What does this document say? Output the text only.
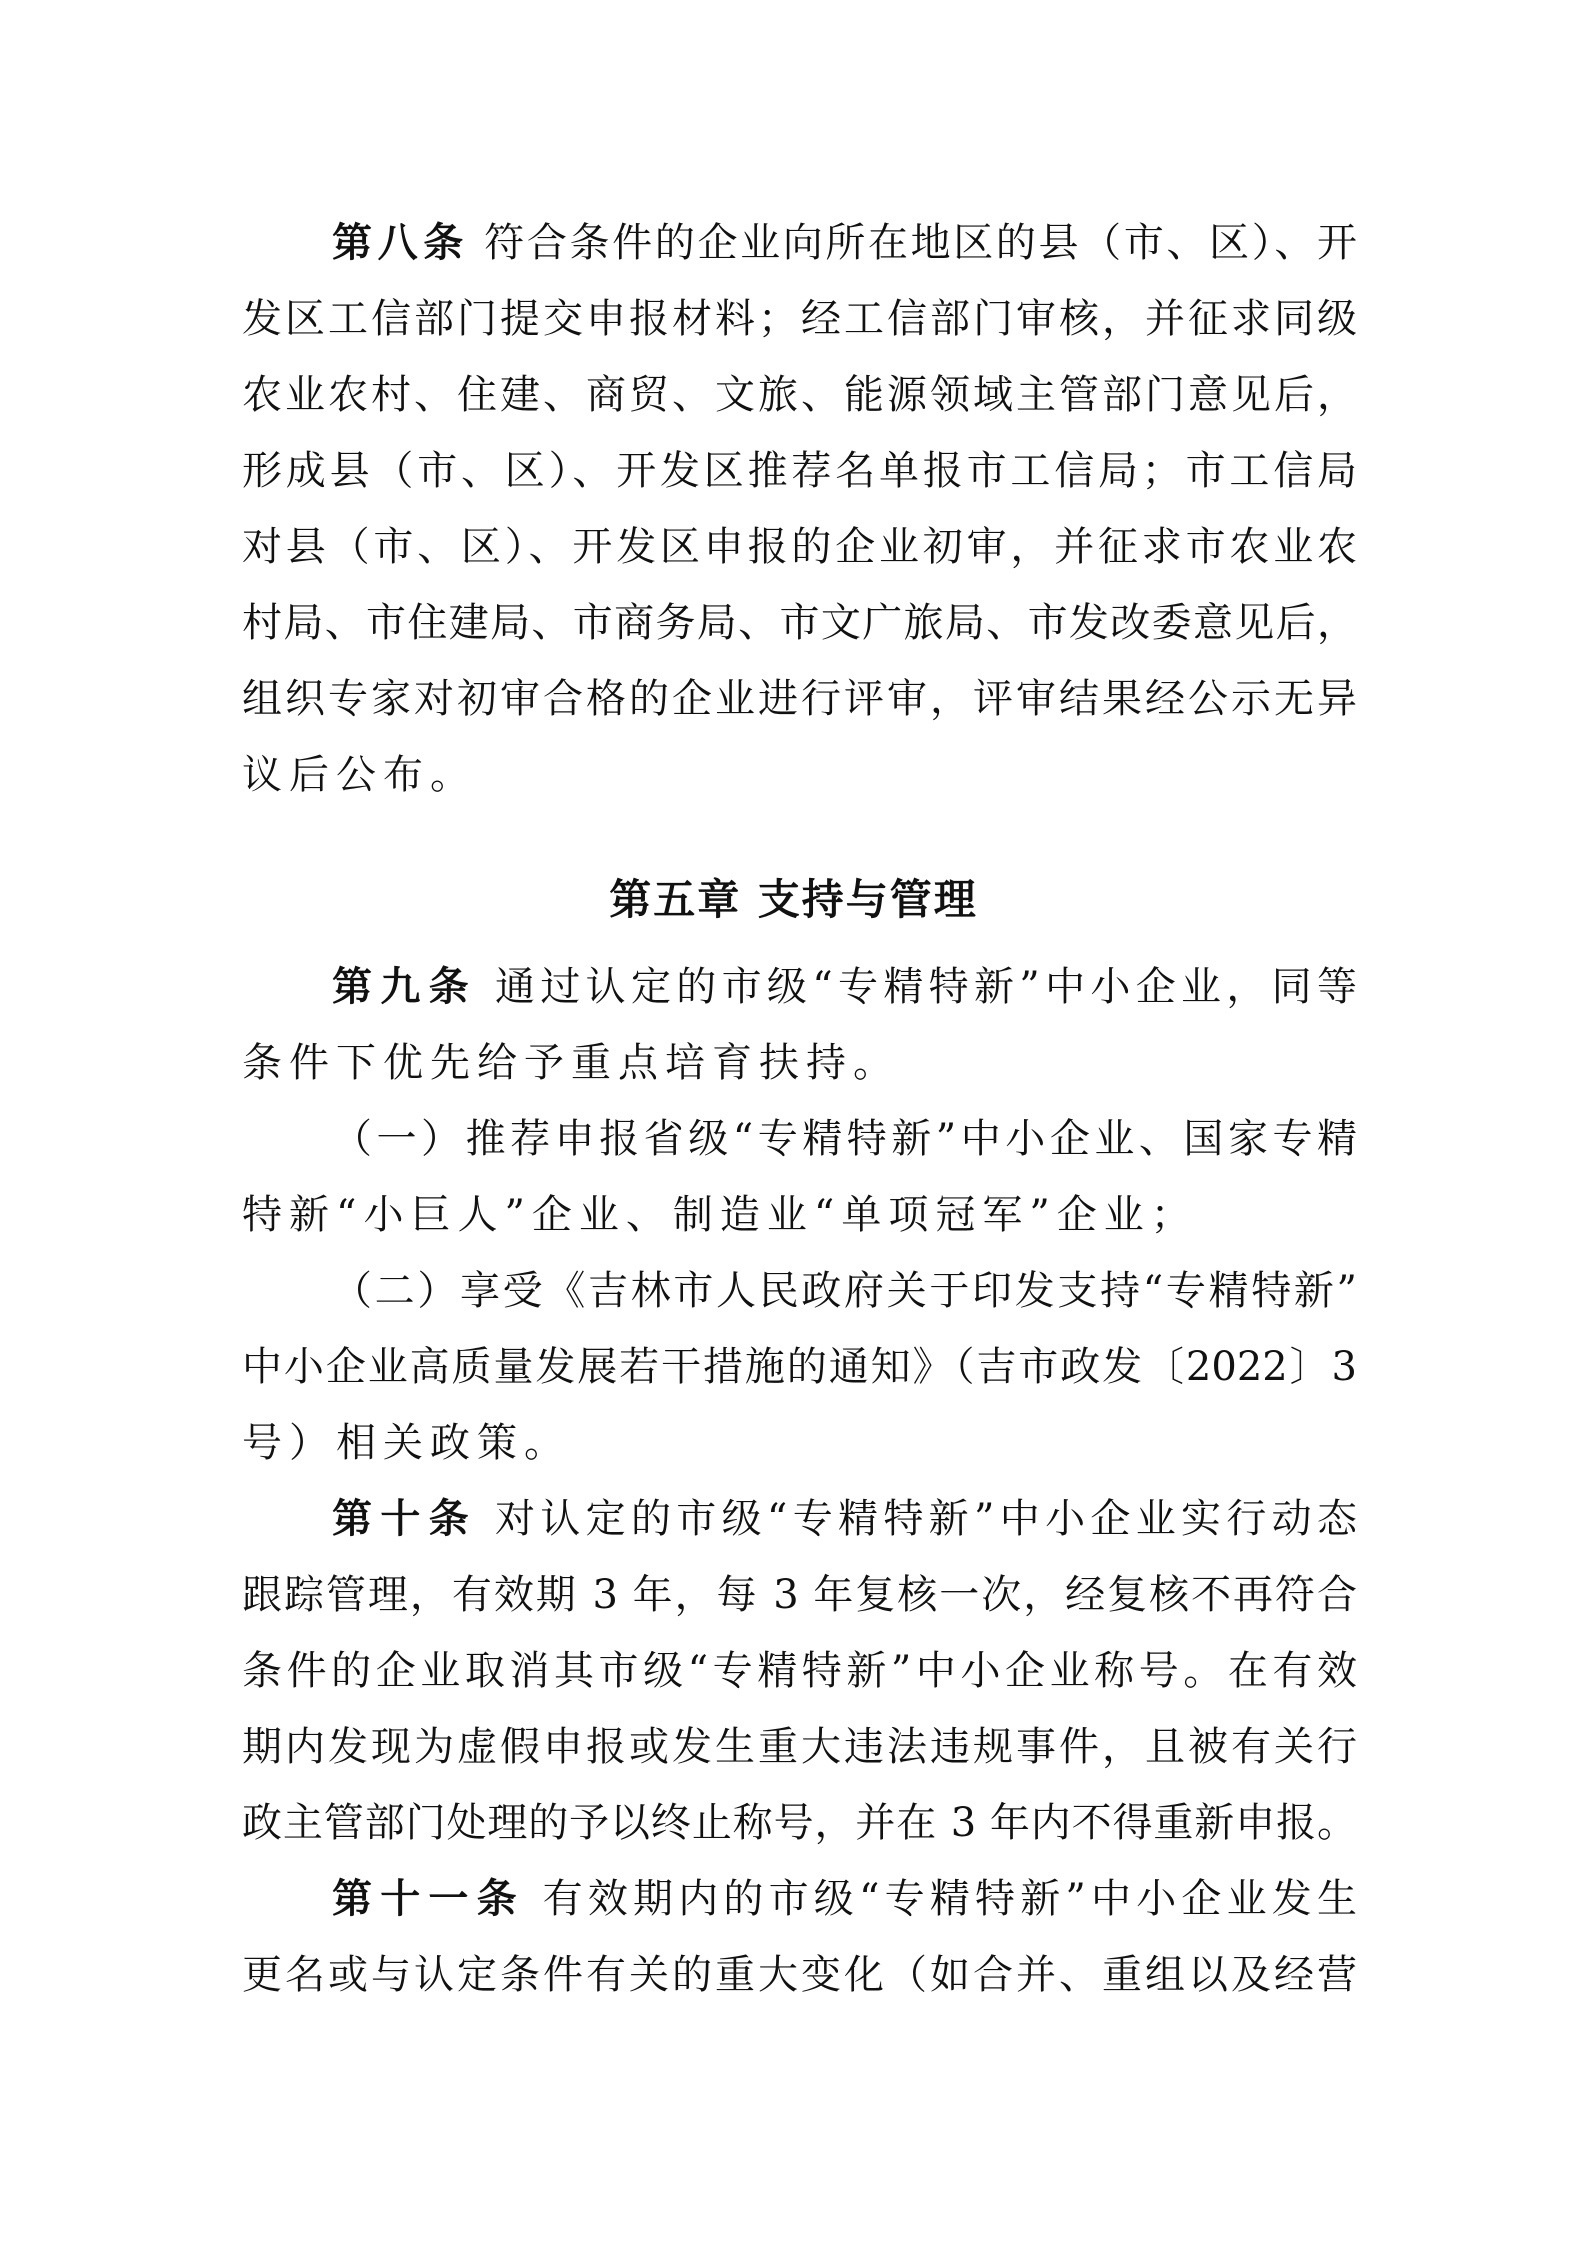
第八条 符合条件的企业向所在地区的县（市、区）、开
发区工信部门提交申报材料；经工信部门审核，并征求同级
农业农村、住建、商贸、文旅、能源领域主管部门意见后，
形成县（市、区）、开发区推荐名单报市工信局；市工信局
对县（市、区）、开发区申报的企业初审，并征求市农业农
村局、市住建局、市商务局、市文广旅局、市发改委意见后，
组织专家对初审合格的企业进行评审，评审结果经公示无异
议后公布。
第五章 支持与管理
第九条 通过认定的市级“专精特新”中小企业，同等
条件下优先给予重点培育扶持。
（一）推荐申报省级“专精特新”中小企业、国家专精
特新“小巨人”企业、制造业“单项冠军”企业；
（二）享受《吉林市人民政府关于印发支持“专精特新”
中小企业高质量发展若干措施的通知》（吉市政发〔2022〕3
号）相关政策。
第十条 对认定的市级“专精特新”中小企业实行动态
跟踪管理，有效期 3 年，每 3 年复核一次，经复核不再符合
条件的企业取消其市级“专精特新”中小企业称号。在有效
期内发现为虚假申报或发生重大违法违规事件，且被有关行
政主管部门处理的予以终止称号，并在 3 年内不得重新申报。
第十一条 有效期内的市级“专精特新”中小企业发生
更名或与认定条件有关的重大变化（如合并、重组以及经营
